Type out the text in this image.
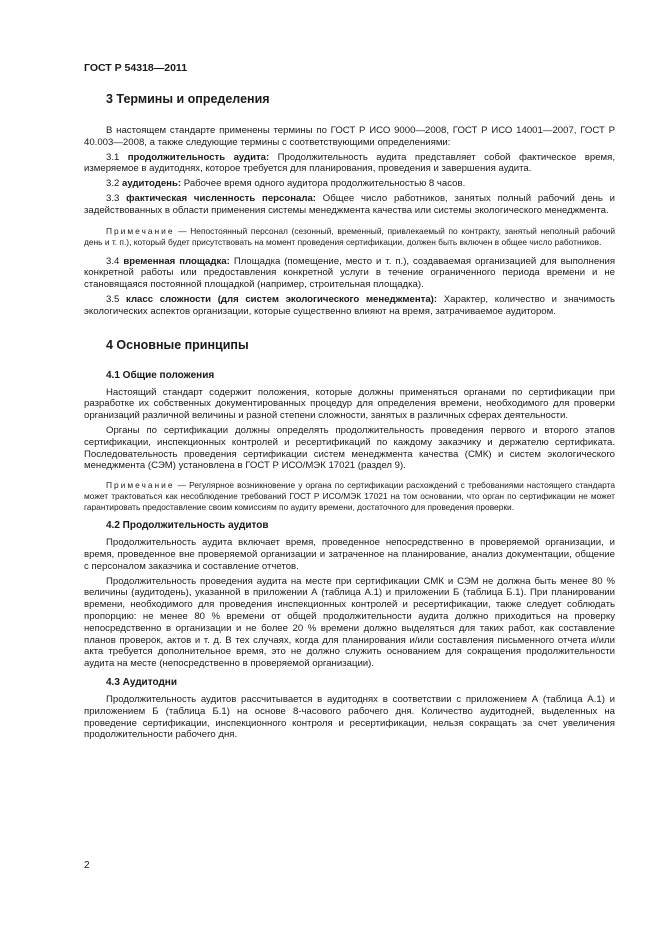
ГОСТ Р 54318—2011
3 Термины и определения

В настоящем стандарте применены термины по ГОСТ Р ИСО 9000—2008, ГОСТ Р ИСО 14001—2007, ГОСТ Р 40.003—2008, а также следующие термины с соответствующими определениями:

3.1 продолжительность аудита: Продолжительность аудита представляет собой фактическое время, измеряемое в аудитоднях, которое требуется для планирования, проведения и завершения аудита.

3.2 аудитодень: Рабочее время одного аудитора продолжительностью 8 часов.

3.3 фактическая численность персонала: Общее число работников, занятых полный рабочий день и задействованных в области применения системы менеджмента качества или системы экологического менеджмента.

Примечание — Непостоянный персонал (сезонный, временный, привлекаемый по контракту, занятый неполный рабочий день и т. п.), который будет присутствовать на момент проведения сертификации, должен быть включен в общее число работников.

3.4 временная площадка: Площадка (помещение, место и т. п.), создаваемая организацией для выполнения конкретной работы или предоставления конкретной услуги в течение ограниченного периода времени и не становящаяся постоянной площадкой (например, строительная площадка).

3.5 класс сложности (для систем экологического менеджмента): Характер, количество и значимость экологических аспектов организации, которые существенно влияют на время, затрачиваемое аудитором.

4 Основные принципы
4.1 Общие положения

Настоящий стандарт содержит положения, которые должны применяться органами по сертификации при разработке их собственных документированных процедур для определения времени, необходимого для проверки организаций различной величины и разной степени сложности, занятых в различных сферах деятельности.

Органы по сертификации должны определять продолжительность проведения первого и второго этапов сертификации, инспекционных контролей и ресертификаций по каждому заказчику и держателю сертификата. Последовательность проведения сертификации систем менеджмента качества (СМК) и систем экологического менеджмента (СЭМ) установлена в ГОСТ Р ИСО/МЭК 17021 (раздел 9).

Примечание — Регулярное возникновение у органа по сертификации расхождений с требованиями настоящего стандарта может трактоваться как несоблюдение требований ГОСТ Р ИСО/МЭК 17021 на том основании, что орган по сертификации не может гарантировать предоставление своим комиссиям по аудиту времени, достаточного для проведения проверки.

4.2 Продолжительность аудитов

Продолжительность аудита включает время, проведенное непосредственно в проверяемой организации, и время, проведенное вне проверяемой организации и затраченное на планирование, анализ документации, общение с персоналом заказчика и составление отчетов.

Продолжительность проведения аудита на месте при сертификации СМК и СЭМ не должна быть менее 80 % величины (аудитодень), указанной в приложении А (таблица А.1) и приложении Б (таблица Б.1). При планировании времени, необходимого для проведения инспекционных контролей и ресертификации, также следует соблюдать пропорцию: не менее 80 % времени от общей продолжительности аудита должно приходиться на проверку непосредственно в организации и не более 20 % времени должно выделяться для таких работ, как составление планов проверок, актов и т. д. В тех случаях, когда для планирования и/или составления письменного отчета и/или акта требуется дополнительное время, это не должно служить основанием для сокращения продолжительности аудита на месте (непосредственно в проверяемой организации).

4.3 Аудитодни

Продолжительность аудитов рассчитывается в аудитоднях в соответствии с приложением А (таблица А.1) и приложением Б (таблица Б.1) на основе 8-часового рабочего дня. Количество аудитодней, выделенных на проведение сертификации, инспекционного контроля и ресертификации, нельзя сокращать за счет увеличения продолжительности рабочего дня.

2
